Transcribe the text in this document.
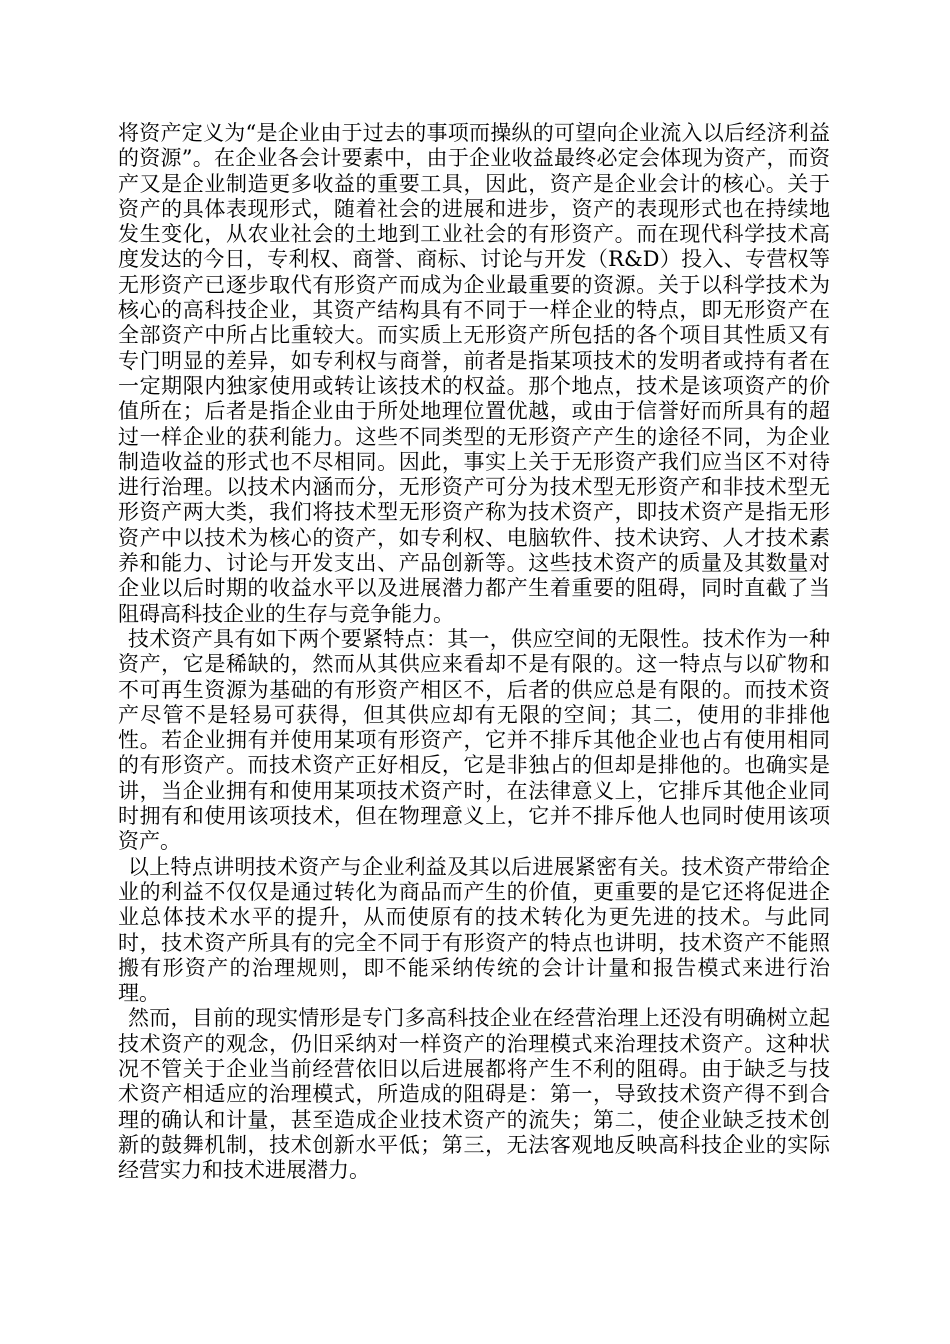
将资产定义为“是企业由于过去的事项而操纵的可望向企业流入以后经济利益的资源”。在企业各会计要素中，由于企业收益最终必定会体现为资产，而资产又是企业制造更多收益的重要工具，因此，资产是企业会计的核心。关于资产的具体表现形式，随着社会的进展和进步，资产的表现形式也在持续地发生变化，从农业社会的土地到工业社会的有形资产。而在现代科学技术高度发达的今日，专利权、商誉、商标、讨论与开发（R&D）投入、专营权等无形资产已逐步取代有形资产而成为企业最重要的资源。关于以科学技术为核心的高科技企业，其资产结构具有不同于一样企业的特点，即无形资产在全部资产中所占比重较大。而实质上无形资产所包括的各个项目其性质又有专门明显的差异，如专利权与商誉，前者是指某项技术的发明者或持有者在一定期限内独家使用或转让该技术的权益。那个地点，技术是该项资产的价值所在；后者是指企业由于所处地理位置优越，或由于信誉好而所具有的超过一样企业的获利能力。这些不同类型的无形资产产生的途径不同，为企业制造收益的形式也不尽相同。因此，事实上关于无形资产我们应当区不对待进行治理。以技术内涵而分，无形资产可分为技术型无形资产和非技术型无形资产两大类，我们将技术型无形资产称为技术资产，即技术资产是指无形资产中以技术为核心的资产，如专利权、电脑软件、技术诀窍、人才技术素养和能力、讨论与开发支出、产品创新等。这些技术资产的质量及其数量对企业以后时期的收益水平以及进展潜力都产生着重要的阻碍，同时直截了当阻碍高科技企业的生存与竞争能力。

技术资产具有如下两个要紧特点：其一，供应空间的无限性。技术作为一种资产，它是稀缺的，然而从其供应来看却不是有限的。这一特点与以矿物和不可再生资源为基础的有形资产相区不，后者的供应总是有限的。而技术资产尽管不是轻易可获得，但其供应却有无限的空间；其二，使用的非排他性。若企业拥有并使用某项有形资产，它并不排斥其他企业也占有使用相同的有形资产。而技术资产正好相反，它是非独占的但却是排他的。也确实是讲，当企业拥有和使用某项技术资产时，在法律意义上，它排斥其他企业同时拥有和使用该项技术，但在物理意义上，它并不排斥他人也同时使用该项资产。

以上特点讲明技术资产与企业利益及其以后进展紧密有关。技术资产带给企业的利益不仅仅是通过转化为商品而产生的价值，更重要的是它还将促进企业总体技术水平的提升，从而使原有的技术转化为更先进的技术。与此同时，技术资产所具有的完全不同于有形资产的特点也讲明，技术资产不能照搬有形资产的治理规则，即不能采纳传统的会计计量和报告模式来进行治理。

然而，目前的现实情形是专门多高科技企业在经营治理上还没有明确树立起技术资产的观念，仍旧采纳对一样资产的治理模式来治理技术资产。这种状况不管关于企业当前经营依旧以后进展都将产生不利的阻碍。由于缺乏与技术资产相适应的治理模式，所造成的阻碍是：第一，导致技术资产得不到合理的确认和计量，甚至造成企业技术资产的流失；第二，使企业缺乏技术创新的鼓舞机制，技术创新水平低；第三，无法客观地反映高科技企业的实际经营实力和技术进展潜力。
